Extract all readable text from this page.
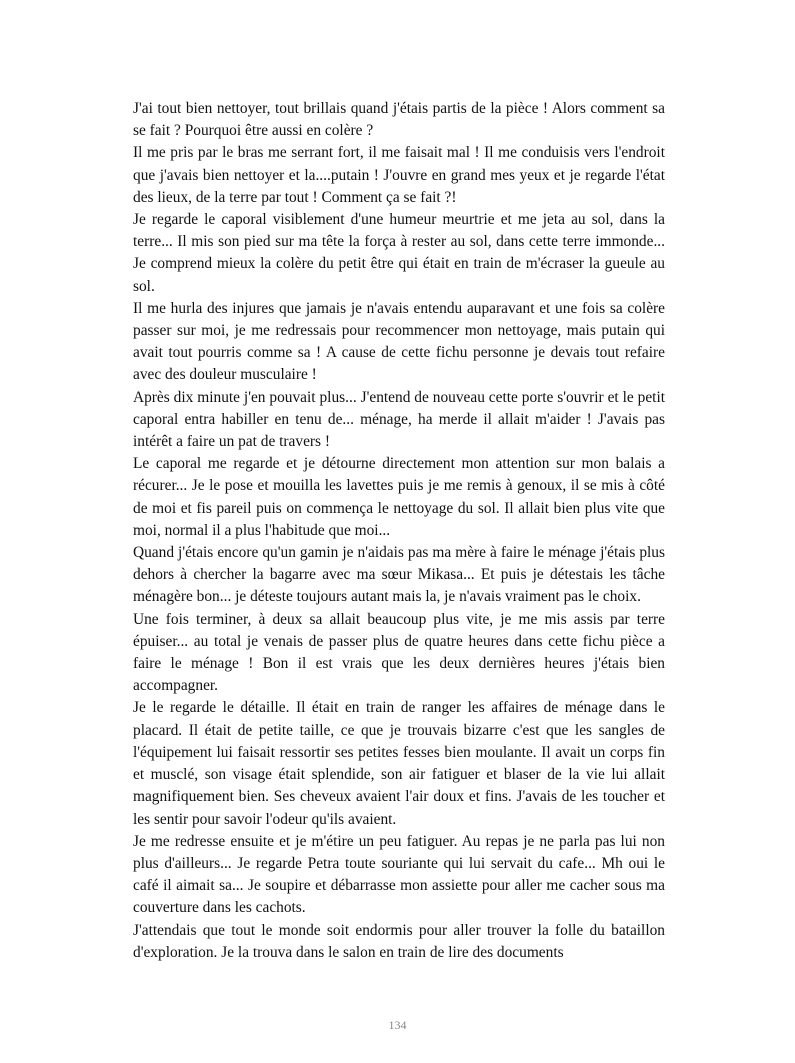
J'ai tout bien nettoyer, tout brillais quand j'étais partis de la pièce ! Alors comment sa se fait ? Pourquoi être aussi en colère ?

Il me pris par le bras me serrant fort, il me faisait mal ! Il me conduisis vers l'endroit que j'avais bien nettoyer et la....putain ! J'ouvre en grand mes yeux et je regarde l'état des lieux, de la terre par tout ! Comment ça se fait ?!

Je regarde le caporal visiblement d'une humeur meurtrie et me jeta au sol, dans la terre... Il mis son pied sur ma tête la força à rester au sol, dans cette terre immonde... Je comprend mieux la colère du petit être qui était en train de m'écraser la gueule au sol.

Il me hurla des injures que jamais je n'avais entendu auparavant et une fois sa colère passer sur moi, je me redressais pour recommencer mon nettoyage, mais putain qui avait tout pourris comme sa ! A cause de cette fichu personne je devais tout refaire avec des douleur musculaire !

Après dix minute j'en pouvait plus... J'entend de nouveau cette porte s'ouvrir et le petit caporal entra habiller en tenu de... ménage, ha merde il allait m'aider ! J'avais pas intérêt a faire un pat de travers !

Le caporal me regarde et je détourne directement mon attention sur mon balais a récurer... Je le pose et mouilla les lavettes puis je me remis à genoux, il se mis à côté de moi et fis pareil puis on commença le nettoyage du sol. Il allait bien plus vite que moi, normal il a plus l'habitude que moi...

Quand j'étais encore qu'un gamin je n'aidais pas ma mère à faire le ménage j'étais plus dehors à chercher la bagarre avec ma sœur Mikasa... Et puis je détestais les tâche ménagère bon... je déteste toujours autant mais la, je n'avais vraiment pas le choix.

Une fois terminer, à deux sa allait beaucoup plus vite, je me mis assis par terre épuiser... au total je venais de passer plus de quatre heures dans cette fichu pièce a faire le ménage ! Bon il est vrais que les deux dernières heures j'étais bien accompagner.

Je le regarde le détaille. Il était en train de ranger les affaires de ménage dans le placard. Il était de petite taille, ce que je trouvais bizarre c'est que les sangles de l'équipement lui faisait ressortir ses petites fesses bien moulante. Il avait un corps fin et musclé, son visage était splendide, son air fatiguer et blaser de la vie lui allait magnifiquement bien. Ses cheveux avaient l'air doux et fins. J'avais de les toucher et les sentir pour savoir l'odeur qu'ils avaient.

Je me redresse ensuite et je m'étire un peu fatiguer. Au repas je ne parla pas lui non plus d'ailleurs... Je regarde Petra toute souriante qui lui servait du cafe... Mh oui le café il aimait sa... Je soupire et débarrasse mon assiette pour aller me cacher sous ma couverture dans les cachots.

J'attendais que tout le monde soit endormis pour aller trouver la folle du bataillon d'exploration. Je la trouva dans le salon en train de lire des documents

134
